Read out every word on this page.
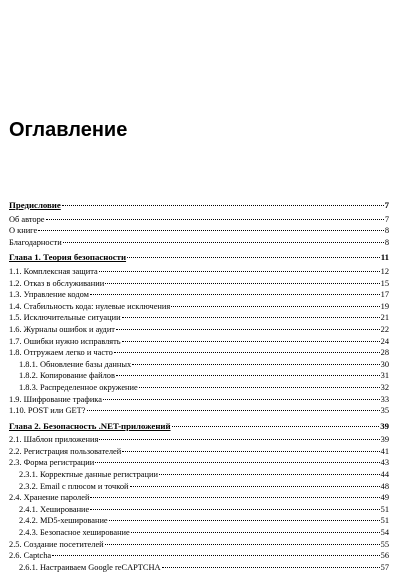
Оглавление
Предисловие	7
Об авторе	7
О книге	8
Благодарности	8
Глава 1. Теория безопасности	11
1.1. Комплексная защита	12
1.2. Отказ в обслуживании	15
1.3. Управление кодом	17
1.4. Стабильность кода: нулевые исключения	19
1.5. Исключительные ситуации	21
1.6. Журналы ошибок и аудит	22
1.7. Ошибки нужно исправлять	24
1.8. Отгружаем легко и часто	28
1.8.1. Обновление базы данных	30
1.8.2. Копирование файлов	31
1.8.3. Распределенное окружение	32
1.9. Шифрование трафика	33
1.10. POST или GET?	35
Глава 2. Безопасность .NET-приложений	39
2.1. Шаблон приложения	39
2.2. Регистрация пользователей	41
2.3. Форма регистрации	43
2.3.1. Корректные данные регистрации	44
2.3.2. Email с плюсом и точкой	48
2.4. Хранение паролей	49
2.4.1. Хеширование	51
2.4.2. MD5-хеширование	51
2.4.3. Безопасное хеширование	54
2.5. Создание посетителей	55
2.6. Captcha	56
2.6.1. Настраиваем Google reCAPTCHA	57
